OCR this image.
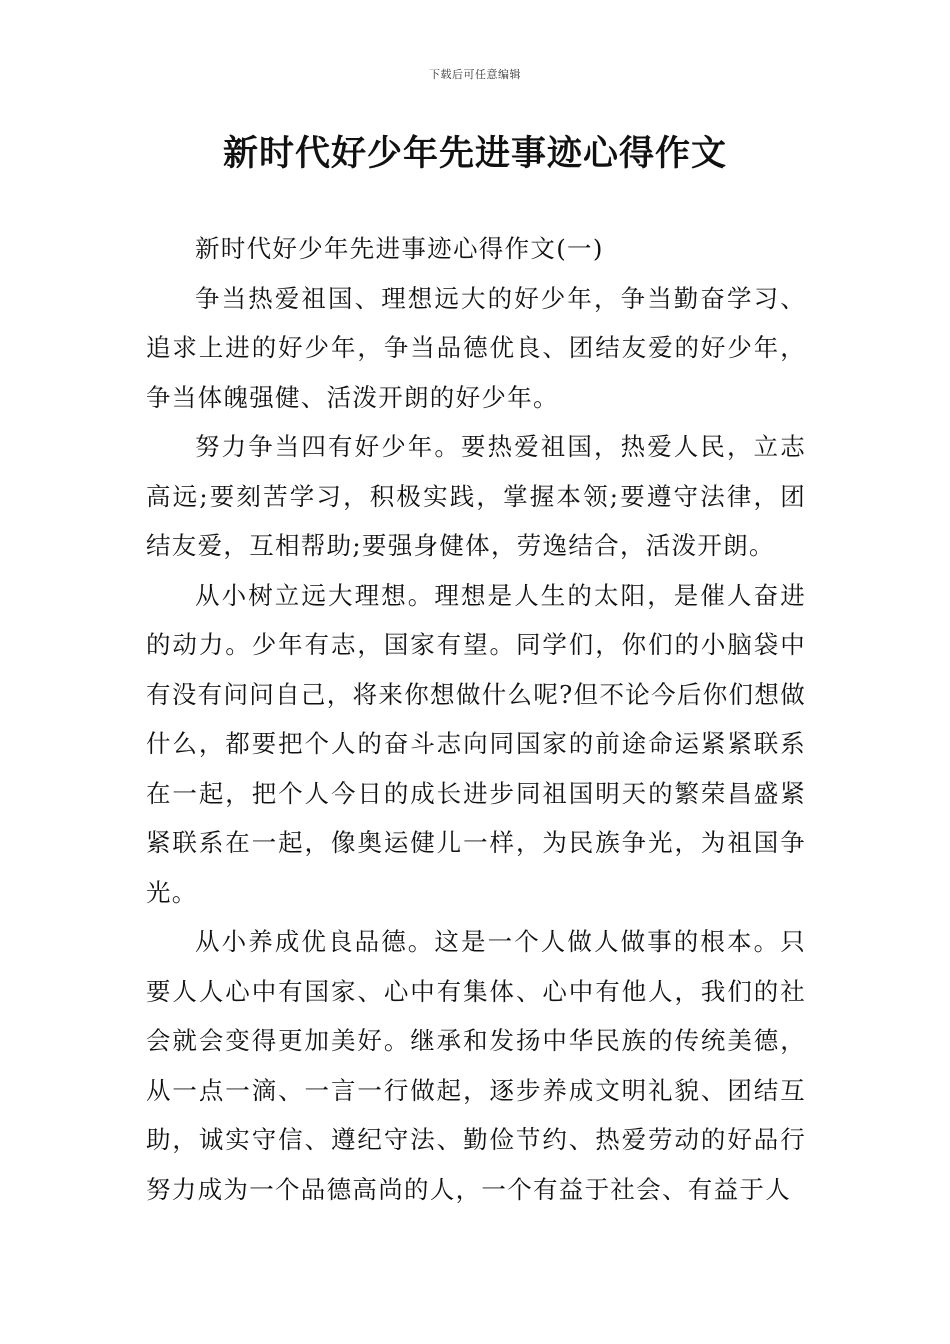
下载后可任意编辑
新时代好少年先进事迹心得作文

新时代好少年先进事迹心得作文(一)

争当热爱祖国、理想远大的好少年，争当勤奋学习、追求上进的好少年，争当品德优良、团结友爱的好少年，争当体魄强健、活泼开朗的好少年。

努力争当四有好少年。要热爱祖国，热爱人民，立志高远;要刻苦学习，积极实践，掌握本领;要遵守法律，团结友爱，互相帮助;要强身健体，劳逸结合，活泼开朗。

从小树立远大理想。理想是人生的太阳，是催人奋进的动力。少年有志，国家有望。同学们，你们的小脑袋中有没有问问自己，将来你想做什么呢?但不论今后你们想做什么，都要把个人的奋斗志向同国家的前途命运紧紧联系在一起，把个人今日的成长进步同祖国明天的繁荣昌盛紧紧联系在一起，像奥运健儿一样，为民族争光，为祖国争光。

从小养成优良品德。这是一个人做人做事的根本。只要人人心中有国家、心中有集体、心中有他人，我们的社会就会变得更加美好。继承和发扬中华民族的传统美德，从一点一滴、一言一行做起，逐步养成文明礼貌、团结互助，诚实守信、遵纪守法、勤俭节约、热爱劳动的好品行努力成为一个品德高尚的人，一个有益于社会、有益于人
